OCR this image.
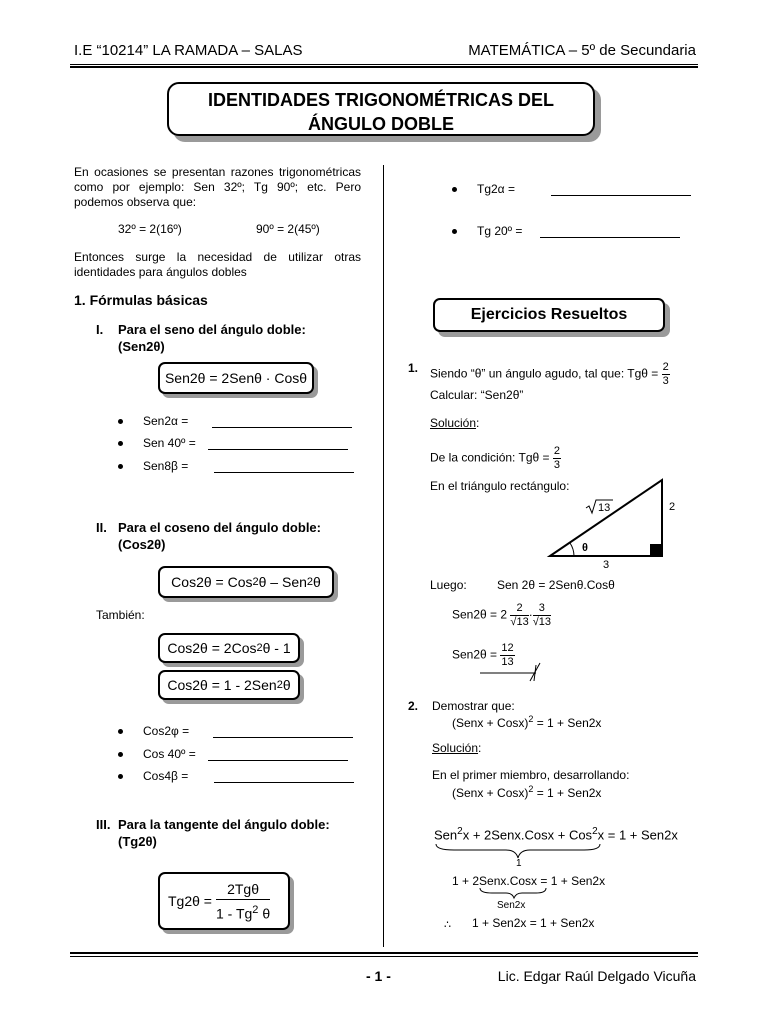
I.E “10214” LA RAMADA – SALAS	MATEMÁTICA – 5º de Secundaria
IDENTIDADES TRIGONOMÉTRICAS DEL
ÁNGULO DOBLE
En ocasiones se presentan razones trigonométricas como por ejemplo: Sen 32º; Tg 90º; etc. Pero podemos observa que:
32º = 2(16º)	90º = 2(45º)
Entonces surge la necesidad de utilizar otras identidades para ángulos dobles
1. Fórmulas básicas
I. Para el seno del ángulo doble:
(Sen2θ)
Sen2θ = 2Senθ · Cosθ
Sen2α =
Sen 40º =
Sen8β =
II. Para el coseno del ángulo doble:
(Cos2θ)
Cos2θ = Cos 2 θ – Sen 2 θ
También:
Cos2θ = 2Cos 2 θ - 1
Cos2θ = 1 - 2Sen 2 θ
Cos2φ =
Cos 40º =
Cos4β =
III. Para la tangente del ángulo doble:
(Tg2θ)
Tg2θ =
2Tgθ
1 - Tg$^2$ θ
Tg2α =
Tg 20º =
Ejercicios Resueltos
1. Siendo “θ” un ángulo agudo, tal que: $Tg\theta = \frac{2}{3}$
Calcular: “Sen2θ”
Solución:
De la condición: $Tg\theta = \frac{2}{3}$
En el triángulo rectángulo:
θ
2
3
13
Luego:	Sen 2θ = 2Senθ.Cosθ
$Sen2\theta = 2 \frac{2}{√13} \cdot \frac{3}{√13}$
$Sen2\theta = \frac{12}{13}$
2. Demostrar que:
(Senx + Cosx)$^2$ = 1 + Sen2x
Solución:
En el primer miembro, desarrollando:
(Senx + Cosx)$^2$ = 1 + Sen2x
Sen$^2$x + 2Senx.Cosx + Cos$^2$x = 1 + Sen2x
1
1 + 2Senx.Cosx = 1 + Sen2x
Sen2x
∴ 1 + Sen2x = 1 + Sen2x
- 1 -	Lic. Edgar Raúl Delgado Vicuña
